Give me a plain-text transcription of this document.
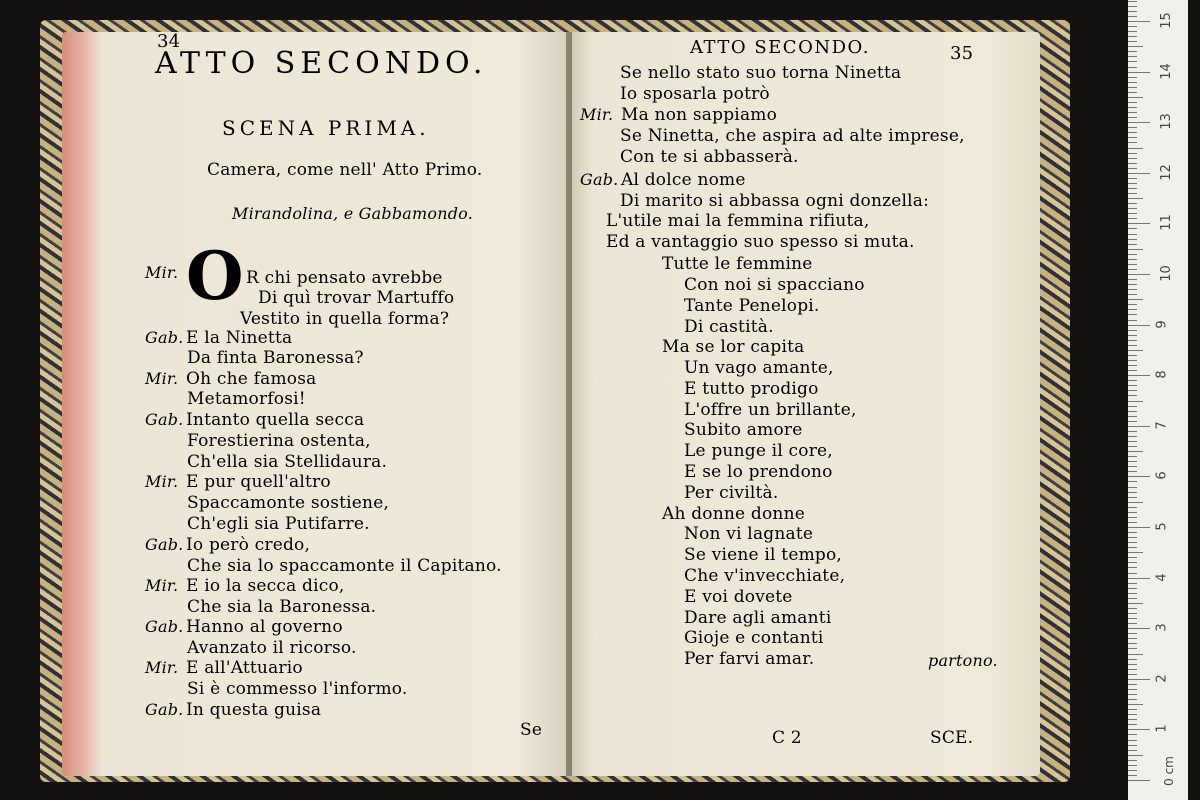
34
ATTO SECONDO.
SCENA PRIMA.
Camera, come nell' Atto Primo.
Mirandolina, e Gabbamondo.
O
Mir.	R chi pensato avrebbe
Di quì trovar Martuffo
Vestito in quella forma?
Gab. E la Ninetta
Da finta Baronessa?
Mir. Oh che famosa
Metamorfosi!
Gab. Intanto quella secca
Forestierina ostenta,
Ch'ella sia Stellidaura.
Mir. E pur quell'altro
Spaccamonte sostiene,
Ch'egli sia Putifarre.
Gab. Io però credo,
Che sia lo spaccamonte il Capitano.
Mir. E io la secca dico,
Che sia la Baronessa.
Gab. Hanno al governo
Avanzato il ricorso.
Mir. E all'Attuario
Si è commesso l'informo.
Gab. In questa guisa
Se
ATTO SECONDO.	35
Se nello stato suo torna Ninetta
Io sposarla potrò
Mir. Ma non sappiamo
Se Ninetta, che aspira ad alte imprese,
Con te si abbasserà.
Gab. Al dolce nome
Di marito si abbassa ogni donzella:
L'utile mai la femmina rifiuta,
Ed a vantaggio suo spesso si muta.
Tutte le femmine
Con noi si spacciano
Tante Penelopi.
Di castità.
Ma se lor capita
Un vago amante,
E tutto prodigo
L'offre un brillante,
Subito amore
Le punge il core,
E se lo prendono
Per civiltà.
Ah donne donne
Non vi lagnate
Se viene il tempo,
Che v'invecchiate,
E voi dovete
Dare agli amanti
Gioje e contanti
Per farvi amar.	partono.
C 2	SCE.	1
2
3
4
5
6
7
8
9
10
11
12
13
14
15
0 cm
